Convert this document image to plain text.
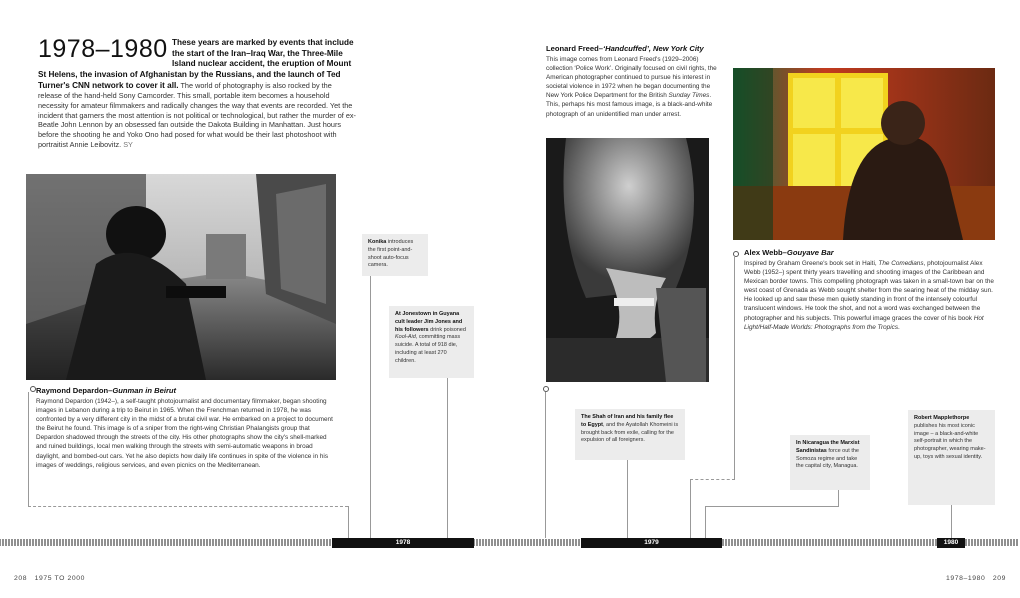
1978–1980 These years are marked by events that include the start of the Iran–Iraq War, the Three-Mile Island nuclear accident, the eruption of Mount St Helens, the invasion of Afghanistan by the Russians, and the launch of Ted Turner's CNN network to cover it all. The world of photography is also rocked by the release of the hand-held Sony Camcorder. This small, portable item becomes a household necessity for amateur filmmakers and radically changes the way that events are recorded. Yet the incident that garners the most attention is not political or technological, but rather the murder of ex-Beatle John Lennon by an obsessed fan outside the Dakota Building in Manhattan. Just hours before the shooting he and Yoko Ono had posed for what would be their last photoshoot with portraitist Annie Leibovitz. SY
Raymond Depardon–Gunman in Beirut
Raymond Depardon (1942–), a self-taught photojournalist and documentary filmmaker, began shooting images in Lebanon during a trip to Beirut in 1965. When the Frenchman returned in 1978, he was confronted by a very different city in the midst of a brutal civil war. He embarked on a project to document the Beirut he found. This image is of a sniper from the right-wing Christian Phalangists group that Depardon shadowed through the streets of the city. His other photographs show the city's shell-marked and ruined buildings, local men walking through the streets with semi-automatic weapons in broad daylight, and bombed-out cars. Yet he also depicts how daily life continues in spite of the violence in his images of weddings, religious services, and even picnics on the Mediterranean.
Leonard Freed–‘Handcuffed’, New York City
This image comes from Leonard Freed's (1929–2006) collection ‘Police Work’. Originally focused on civil rights, the American photographer continued to pursue his interest in societal violence in 1972 when he began documenting the New York Police Department for the British Sunday Times. This, perhaps his most famous image, is a black-and-white photograph of an unidentified man under arrest.
Alex Webb–Gouyave Bar
Inspired by Graham Greene's book set in Haiti, The Comedians, photojournalist Alex Webb (1952–) spent thirty years travelling and shooting images of the Caribbean and Mexican border towns. This compelling photograph was taken in a small-town bar on the west coast of Grenada as Webb sought shelter from the searing heat of the midday sun. He looked up and saw these men quietly standing in front of the intensely colourful translucent windows. He took the shot, and not a word was exchanged between the photographer and his subjects. This powerful image graces the cover of his book Hot Light/Half-Made Worlds: Photographs from the Tropics.
Konika introduces the first point-and-shoot auto-focus camera.
At Jonestown in Guyana cult leader Jim Jones and his followers drink poisoned Kool-Aid, committing mass suicide. A total of 918 die, including at least 270 children.
The Shah of Iran and his family flee to Egypt, and the Ayatollah Khomeini is brought back from exile, calling for the expulsion of all foreigners.	In Nicaragua the Marxist Sandinistas force out the Somoza regime and take the capital city, Managua.
Robert Mapplethorpe publishes his most iconic image – a black-and-white self-portrait in which the photographer, wearing make-up, toys with sexual identity.
1978	1979	1980
208 1975 TO 2000	1978–1980 209
